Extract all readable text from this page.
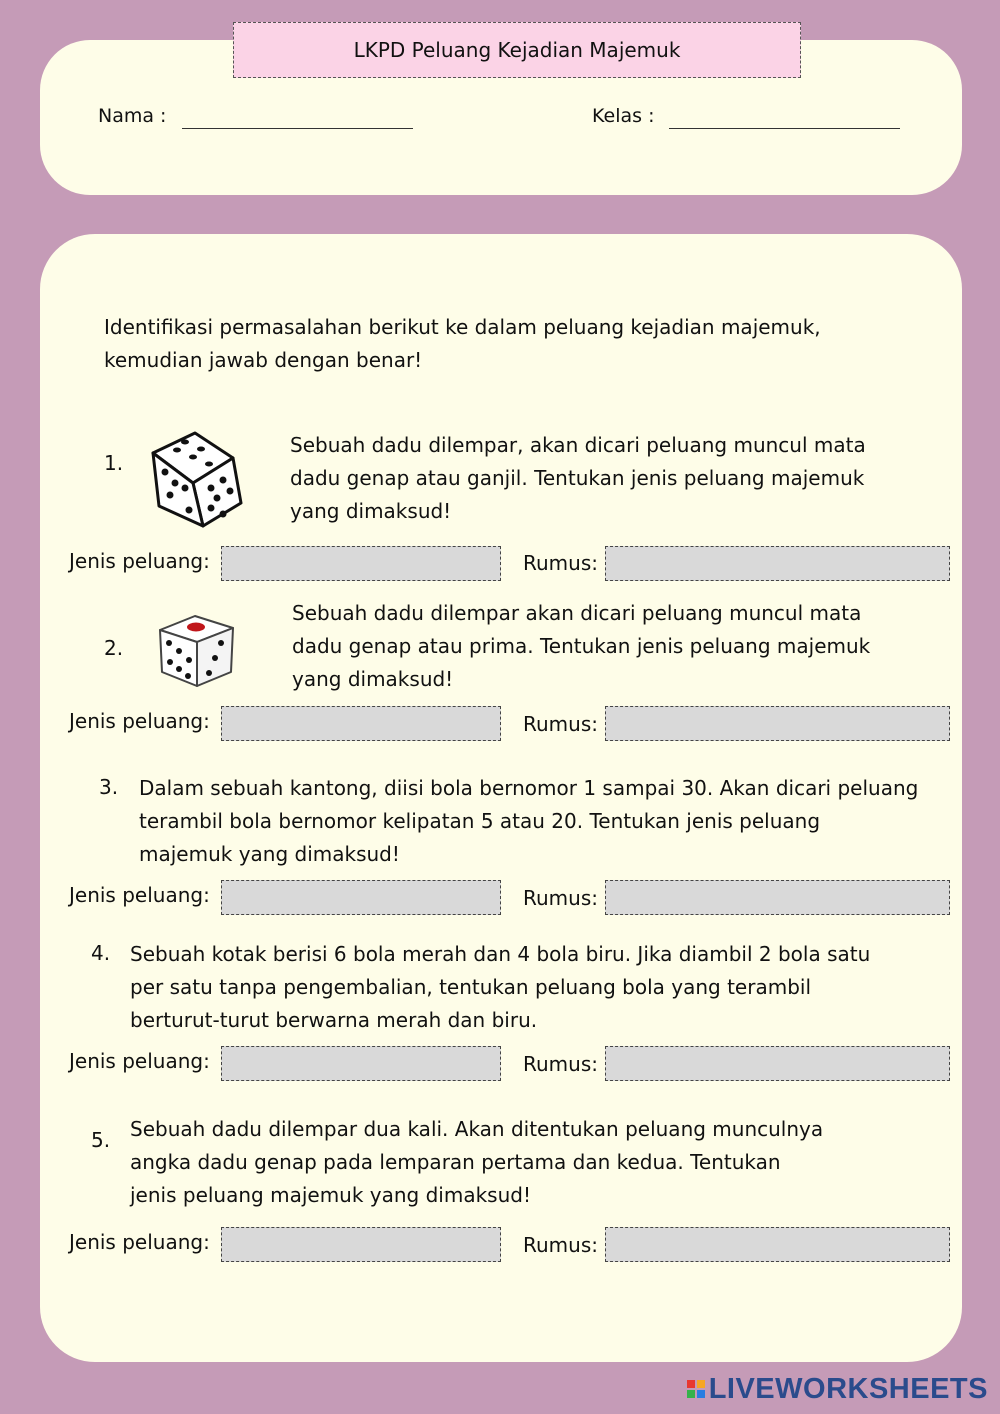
Nama :	Kelas :
LKPD Peluang Kejadian Majemuk
Identifikasi permasalahan berikut ke dalam peluang kejadian majemuk,
kemudian jawab dengan benar!
1.
Sebuah dadu dilempar, akan dicari peluang muncul mata
dadu genap atau ganjil. Tentukan jenis peluang majemuk
yang dimaksud!
Jenis peluang:	Rumus:
2.
Sebuah dadu dilempar akan dicari peluang muncul mata
dadu genap atau prima. Tentukan jenis peluang majemuk
yang dimaksud!
Jenis peluang:	Rumus:
3. Dalam sebuah kantong, diisi bola bernomor 1 sampai 30. Akan dicari peluang
terambil bola bernomor kelipatan 5 atau 20. Tentukan jenis peluang
majemuk yang dimaksud!
Jenis peluang:	Rumus:
4. Sebuah kotak berisi 6 bola merah dan 4 bola biru. Jika diambil 2 bola satu
per satu tanpa pengembalian, tentukan peluang bola yang terambil
berturut-turut berwarna merah dan biru.
Jenis peluang:	Rumus:
5. Sebuah dadu dilempar dua kali. Akan ditentukan peluang munculnya
angka dadu genap pada lemparan pertama dan kedua. Tentukan
jenis peluang majemuk yang dimaksud!
Jenis peluang:	Rumus:
LIVEWORKSHEETS
